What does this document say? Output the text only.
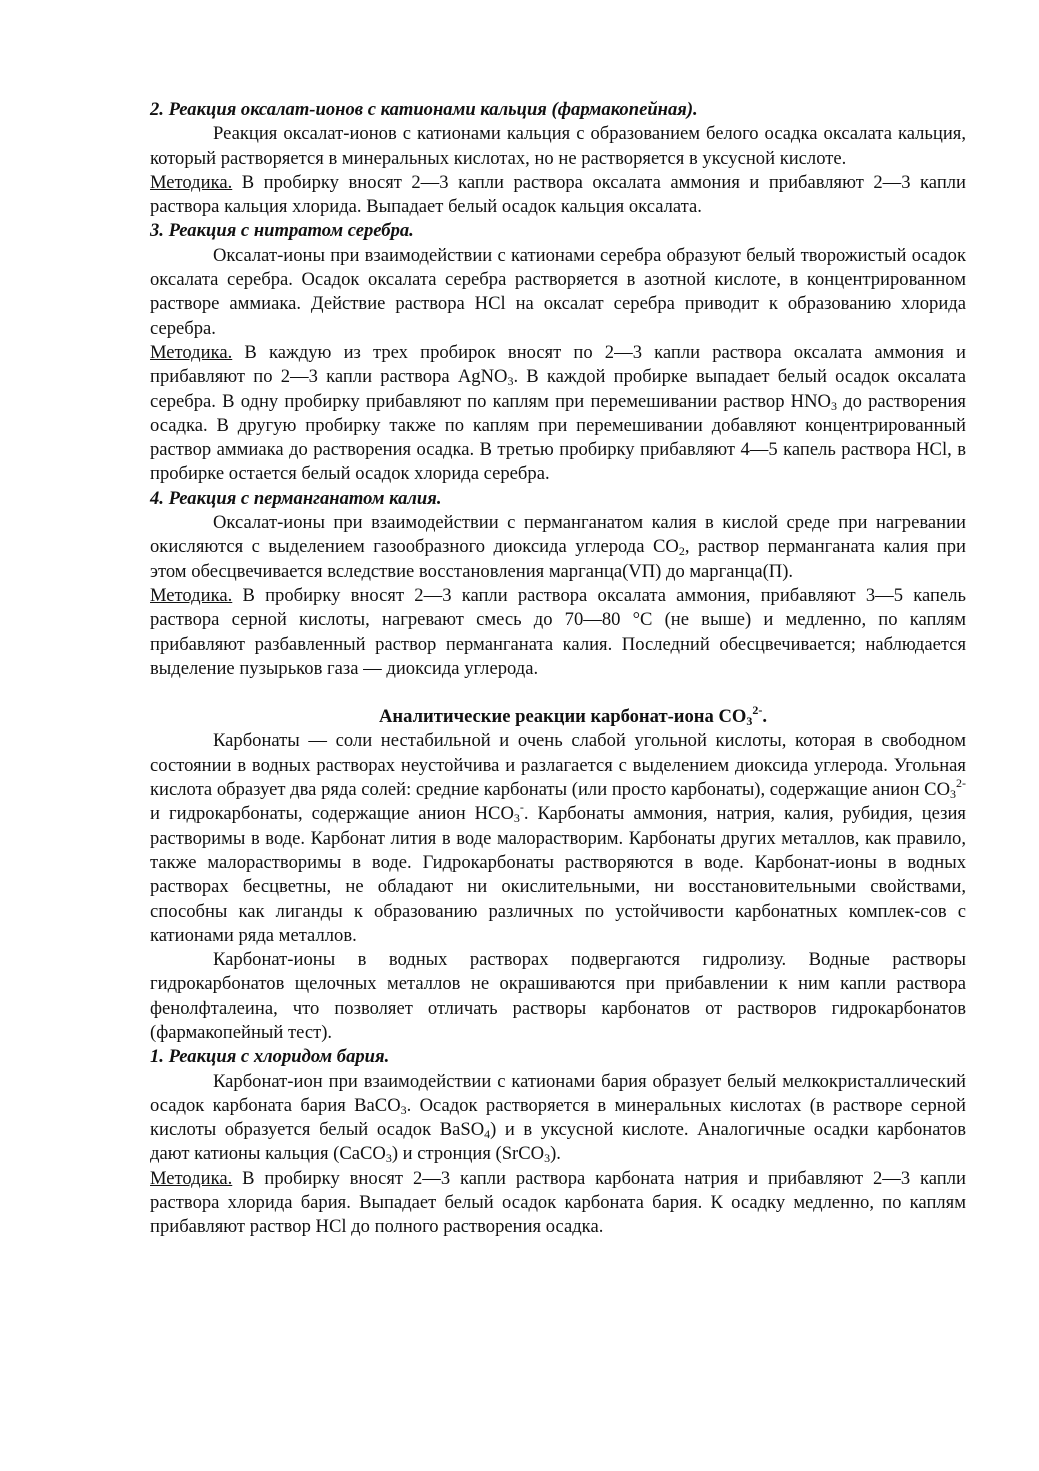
2. Реакция оксалат-ионов с катионами кальция (фармакопейная).

Реакция оксалат-ионов с катионами кальция с образованием белого осадка оксалата кальция, который растворяется в минеральных кислотах, но не растворяется в уксусной кислоте.

Методика. В пробирку вносят 2—3 капли раствора оксалата аммония и прибавляют 2—3 капли раствора кальция хлорида. Выпадает белый осадок кальция оксалата.

3. Реакция с нитратом серебра.

Оксалат-ионы при взаимодействии с катионами серебра образуют белый творожистый осадок оксалата серебра. Осадок оксалата серебра растворяется в азотной кислоте, в концентрированном растворе аммиака. Действие раствора HCl на оксалат серебра приводит к образованию хлорида серебра.

Методика. В каждую из трех пробирок вносят по 2—3 капли раствора оксалата аммония и прибавляют по 2—3 капли раствора AgNO$_3$. В каждой пробирке выпадает белый осадок оксалата серебра. В одну пробирку прибавляют по каплям при перемешивании раствор $HNO_3$ до растворения осадка. В другую пробирку также по каплям при перемешивании добавляют концентрированный раствор аммиака до растворения осадка. В третью пробирку прибавляют 4—5 капель раствора HCl, в пробирке остается белый осадок хлорида серебра.

4. Реакция с перманганатом калия.

Оксалат-ионы при взаимодействии с перманганатом калия в кислой среде при нагревании окисляются с выделением газообразного диоксида углерода $CO_2$, раствор перманганата калия при этом обесцвечивается вследствие восстановления марганца(VП) до марганца(П).

Методика. В пробирку вносят 2—3 капли раствора оксалата аммония, прибавляют 3—5 капель раствора серной кислоты, нагревают смесь до 70—80 °С (не выше) и медленно, по каплям прибавляют разбавленный раствор перманганата калия. Последний обесцвечивается; наблюдается выделение пузырьков газа — диоксида углерода.

Аналитические реакции карбонат-иона $CO_3^{2-}$.

Карбонаты — соли нестабильной и очень слабой угольной кислоты, которая в свободном состоянии в водных растворах неустойчива и разлагается с выделением диоксида углерода. Угольная кислота образует два ряда солей: средние карбонаты (или просто карбонаты), содержащие анион $CO_3^{2-}$ и гидрокарбонаты, содержащие анион $HCO_3^-$. Карбонаты аммония, натрия, калия, рубидия, цезия растворимы в воде. Карбонат лития в воде малорастворим. Карбонаты других металлов, как правило, также малорастворимы в воде. Гидрокарбонаты растворяются в воде. Карбонат-ионы в водных растворах бесцветны, не обладают ни окислительными, ни восстановительными свойствами, способны как лиганды к образованию различных по устойчивости карбонатных комплек-сов с катионами ряда металлов.

Карбонат-ионы в водных растворах подвергаются гидролизу. Водные растворы гидрокарбонатов щелочных металлов не окрашиваются при прибавлении к ним капли раствора фенолфталеина, что позволяет отличать растворы карбонатов от растворов гидрокарбонатов (фармакопейный тест).

1. Реакция с хлоридом бария.

Карбонат-ион при взаимодействии с катионами бария образует белый мелкокристаллический осадок карбоната бария BaCO$_3$. Осадок растворяется в минеральных кислотах (в растворе серной кислоты образуется белый осадок BaSO$_4$) и в уксусной кислоте. Аналогичные осадки карбонатов дают катионы кальция (CaCO$_3$) и стронция (SrCO$_3$).

Методика. В пробирку вносят 2—3 капли раствора карбоната натрия и прибавляют 2—3 капли раствора хлорида бария. Выпадает белый осадок карбоната бария. К осадку медленно, по каплям прибавляют раствор HCl до полного растворения осадка.
